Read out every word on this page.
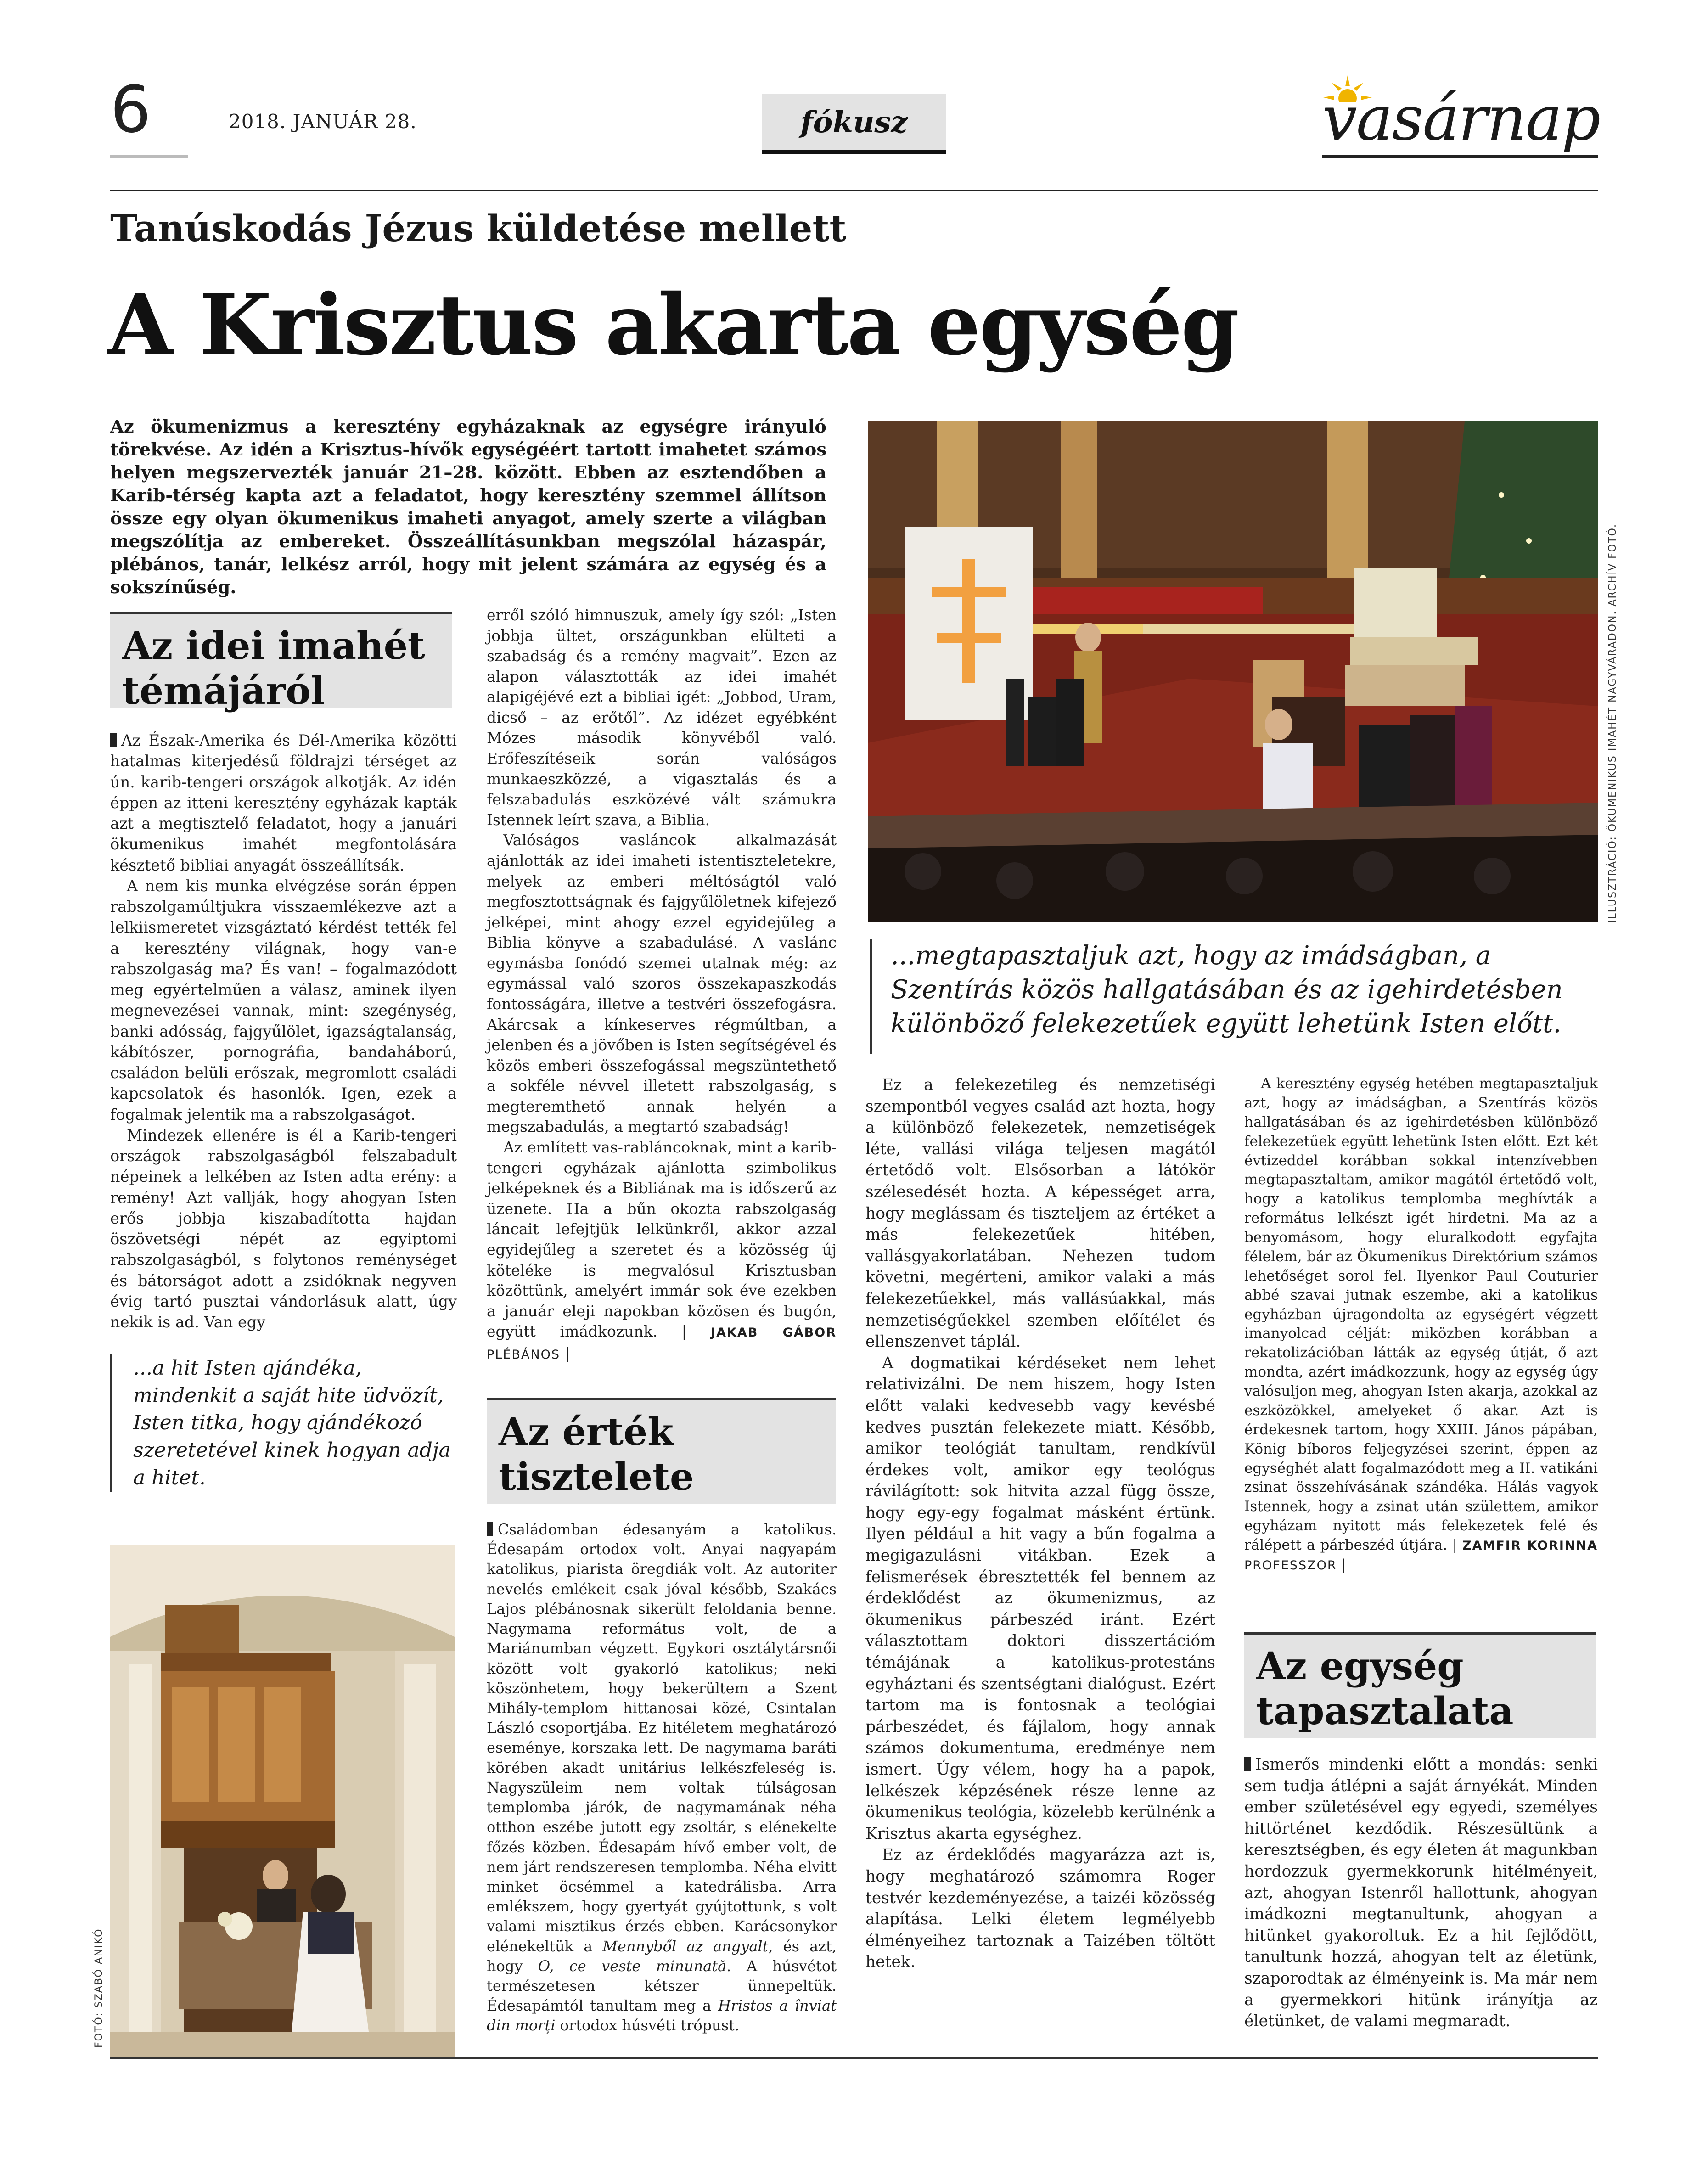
6	2018. JANUÁR 28.	fókusz	vasárnap
Tanúskodás Jézus küldetése mellett
A Krisztus akarta egység
Az ökumenizmus a keresztény egyházaknak az egységre irányuló törekvése. Az idén a Krisztus-hívők egységéért tartott imahetet számos helyen megszervezték január 21–28. között. Ebben az esztendőben a Karib-térség kapta azt a feladatot, hogy keresztény szemmel állítson össze egy olyan ökumenikus imaheti anyagot, amely szerte a világban megszólítja az embereket. Összeállításunkban megszólal házaspár, plébános, tanár, lelkész arról, hogy mit jelent számára az egység és a sokszínűség.
Az idei imahét
témájáról

Az Észak-Amerika és Dél-Amerika közötti hatalmas kiterjedésű földrajzi térséget az ún. karib-tengeri országok alkotják. Az idén éppen az itteni keresztény egyházak kapták azt a megtisztelő feladatot, hogy a januári ökumenikus imahét megfontolására késztető bibliai anyagát összeállítsák.

A nem kis munka elvégzése során éppen rabszolgamúltjukra visszaemlékezve azt a lelkiismeretet vizsgáztató kérdést tették fel a keresztény világnak, hogy van-e rabszolgaság ma? És van! – fogalmazódott meg egyértelműen a válasz, aminek ilyen megnevezései vannak, mint: szegénység, banki adósság, fajgyűlölet, igazságtalanság, kábítószer, pornográfia, bandaháború, családon belüli erőszak, megromlott családi kapcsolatok és hasonlók. Igen, ezek a fogalmak jelentik ma a rabszolgaságot.

Mindezek ellenére is él a Karib-tengeri országok rabszolgaságból felszabadult népeinek a lelkében az Isten adta erény: a remény! Azt vallják, hogy ahogyan Isten erős jobbja kiszabadította hajdan öszövetségi népét az egyiptomi rabszolgaságból, s folytonos reménységet és bátorságot adott a zsidóknak negyven évig tartó pusztai vándorlásuk alatt, úgy nekik is ad. Van egy

...a hit Isten ajándéka, mindenkit a saját hite üdvözít, Isten titka, hogy ajándékozó szeretetével kinek hogyan adja a hitet.
FOTÓ: SZABÓ ANIKÓ

erről szóló himnuszuk, amely így szól: „Isten jobbja ültet, országunkban elülteti a szabadság és a remény magvait”. Ezen az alapon választották az idei imahét alapigéjévé ezt a bibliai igét: „Jobbod, Uram, dicső – az erőtől”. Az idézet egyébként Mózes második könyvéből való. Erőfeszítéseik során valóságos munkaeszközzé, a vigasztalás és a felszabadulás eszközévé vált számukra Istennek leírt szava, a Biblia.

Valóságos vasláncok alkalmazását ajánlották az idei imaheti istentiszteletekre, melyek az emberi méltóságtól való megfosztottságnak és fajgyűlöletnek kifejező jelképei, mint ahogy ezzel egyidejűleg a Biblia könyve a szabadulásé. A vaslánc egymásba fonódó szemei utalnak még: az egymással való szoros összekapaszkodás fontosságára, illetve a testvéri összefogásra. Akárcsak a kínkeserves régmúltban, a jelenben és a jövőben is Isten segítségével és közös emberi összefogással megszüntethető a sokféle névvel illetett rabszolgaság, s megteremthető annak helyén a megszabadulás, a megtartó szabadság!

Az említett vas-rabláncoknak, mint a karib-tengeri egyházak ajánlotta szimbolikus jelképeknek és a Bibliának ma is időszerű az üzenete. Ha a bűn okozta rabszolgaság láncait lefejtjük lelkünkről, akkor azzal egyidejűleg a szeretet és a közösség új köteléke is megvalósul Krisztusban közöttünk, amelyért immár sok éve ezekben a január eleji napokban közösen és bugón, együtt imádkozunk. | JAKAB GÁBOR PLÉBÁNOS |

Az érték
tisztelete
ILLUSZTRÁCIÓ: ÖKUMENIKUS IMAHÉT NAGYVÁRADON. ARCHÍV FOTÓ.
...megtapasztaljuk azt, hogy az imádságban, a Szentírás közös hallgatásában és az igehirdetésben különböző felekezetűek együtt lehetünk Isten előtt.

Családomban édesanyám a katolikus. Édesapám ortodox volt. Anyai nagyapám katolikus, piarista öregdiák volt. Az autoriter nevelés emlékeit csak jóval később, Szakács Lajos plébánosnak sikerült feloldania benne. Nagymama református volt, de a Mariánumban végzett. Egykori osztálytársnői között volt gyakorló katolikus; neki köszönhetem, hogy bekerültem a Szent Mihály-templom hittanosai közé, Csintalan László csoportjába. Ez hitéletem meghatározó eseménye, korszaka lett. De nagymama baráti körében akadt unitárius lelkészfeleség is. Nagyszüleim nem voltak túlságosan templomba járók, de nagymamának néha otthon eszébe jutott egy zsoltár, s elénekelte főzés közben. Édesapám hívő ember volt, de nem járt rendszeresen templomba. Néha elvitt minket öcsémmel a katedrálisba. Arra emlékszem, hogy gyertyát gyújtottunk, s volt valami misztikus érzés ebben. Karácsonykor elénekeltük a Mennyből az angyalt, és azt, hogy O, ce veste minunată. A húsvétot természetesen kétszer ünnepeltük. Édesapámtól tanultam meg a Hristos a înviat din morți ortodox húsvéti trópust.

Ez a felekezetileg és nemzetiségi szempontból vegyes család azt hozta, hogy a különböző felekezetek, nemzetiségek léte, vallási világa teljesen magától értetődő volt. Elsősorban a látókör szélesedését hozta. A képességet arra, hogy meglássam és tiszteljem az értéket a más felekezetűek hitében, vallásgyakorlatában. Nehezen tudom követni, megérteni, amikor valaki a más felekezetűekkel, más vallásúakkal, más nemzetiségűekkel szemben előítélet és ellenszenvet táplál.

A dogmatikai kérdéseket nem lehet relativizálni. De nem hiszem, hogy Isten előtt valaki kedvesebb vagy kevésbé kedves pusztán felekezete miatt. Később, amikor teológiát tanultam, rendkívül érdekes volt, amikor egy teológus rávilágított: sok hitvita azzal függ össze, hogy egy-egy fogalmat másként értünk. Ilyen például a hit vagy a bűn fogalma a megigazulásni vitákban. Ezek a felismerések ébresztették fel bennem az érdeklődést az ökumenizmus, az ökumenikus párbeszéd iránt. Ezért választottam doktori disszertációm témájának a katolikus-protestáns egyháztani és szentségtani dialógust. Ezért tartom ma is fontosnak a teológiai párbeszédet, és fájlalom, hogy annak számos dokumentuma, eredménye nem ismert. Úgy vélem, hogy ha a papok, lelkészek képzésének része lenne az ökumenikus teológia, közelebb kerülnénk a Krisztus akarta egységhez.

Ez az érdeklődés magyarázza azt is, hogy meghatározó számomra Roger testvér kezdeményezése, a taizéi közösség alapítása. Lelki életem legmélyebb élményeihez tartoznak a Taizében töltött hetek.

A keresztény egység hetében megtapasztaljuk azt, hogy az imádságban, a Szentírás közös hallgatásában és az igehirdetésben különböző felekezetűek együtt lehetünk Isten előtt. Ezt két évtizeddel korábban sokkal intenzívebben megtapasztaltam, amikor magától értetődő volt, hogy a katolikus templomba meghívták a református lelkészt igét hirdetni. Ma az a benyomásom, hogy eluralkodott egyfajta félelem, bár az Ökumenikus Direktórium számos lehetőséget sorol fel. Ilyenkor Paul Couturier abbé szavai jutnak eszembe, aki a katolikus egyházban újragondolta az egységért végzett imanyolcad célját: miközben korábban a rekatolizációban látták az egység útját, ő azt mondta, azért imádkozzunk, hogy az egység úgy valósuljon meg, ahogyan Isten akarja, azokkal az eszközökkel, amelyeket ő akar. Azt is érdekesnek tartom, hogy XXIII. János pápában, König bíboros feljegyzései szerint, éppen az egységhét alatt fogalmazódott meg a II. vatikáni zsinat összehívásának szándéka. Hálás vagyok Istennek, hogy a zsinat után születtem, amikor egyházam nyitott más felekezetek felé és rálépett a párbeszéd útjára. | ZAMFIR KORINNA PROFESSZOR |

Az egység
tapasztalata

Ismerős mindenki előtt a mondás: senki sem tudja átlépni a saját árnyékát. Minden ember születésével egy egyedi, személyes hittörténet kezdődik. Részesültünk a keresztségben, és egy életen át magunkban hordozzuk gyermekkorunk hitélményeit, azt, ahogyan Istenről hallottunk, ahogyan imádkozni megtanultunk, ahogyan a hitünket gyakoroltuk. Ez a hit fejlődött, tanultunk hozzá, ahogyan telt az életünk, szaporodtak az élményeink is. Ma már nem a gyermekkori hitünk irányítja az életünket, de valami megmaradt.
